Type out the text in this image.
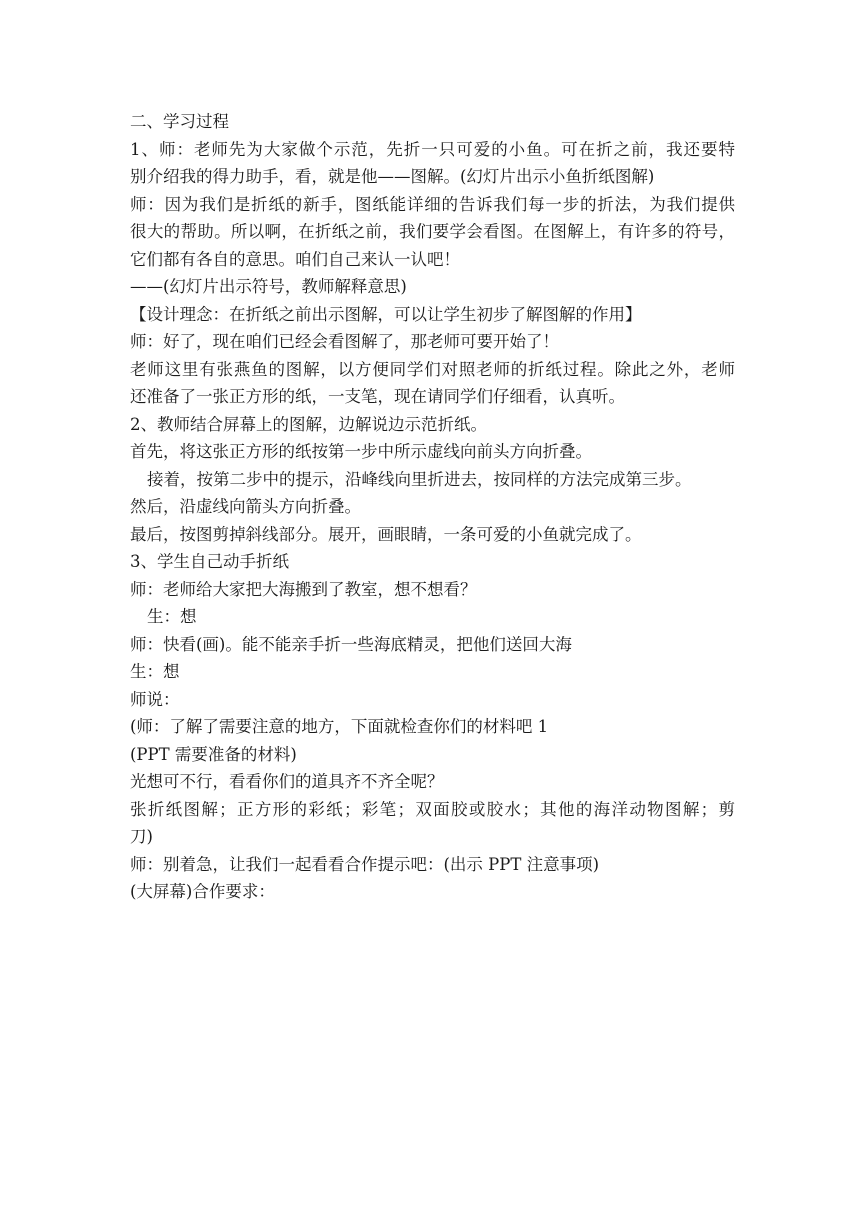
二、学习过程
1、师：老师先为大家做个示范，先折一只可爱的小鱼。可在折之前，我还要特
别介绍我的得力助手，看，就是他——图解。(幻灯片出示小鱼折纸图解)
师：因为我们是折纸的新手，图纸能详细的告诉我们每一步的折法，为我们提供
很大的帮助。所以啊，在折纸之前，我们要学会看图。在图解上，有许多的符号，
它们都有各自的意思。咱们自己来认一认吧！
——(幻灯片出示符号，教师解释意思)
【设计理念：在折纸之前出示图解，可以让学生初步了解图解的作用】
师：好了，现在咱们已经会看图解了，那老师可要开始了！
老师这里有张燕鱼的图解，以方便同学们对照老师的折纸过程。除此之外，老师
还准备了一张正方形的纸，一支笔，现在请同学们仔细看，认真听。
2、教师结合屏幕上的图解，边解说边示范折纸。
首先，将这张正方形的纸按第一步中所示虚线向前头方向折叠。
接着，按第二步中的提示，沿峰线向里折进去，按同样的方法完成第三步。
然后，沿虚线向箭头方向折叠。
最后，按图剪掉斜线部分。展开，画眼睛，一条可爱的小鱼就完成了。
3、学生自己动手折纸
师：老师给大家把大海搬到了教室，想不想看？
生：想
师：快看(画)。能不能亲手折一些海底精灵，把他们送回大海
生：想
师说：
(师：了解了需要注意的地方，下面就检查你们的材料吧 1
(PPT 需要准备的材料)
光想可不行，看看你们的道具齐不齐全呢？
张折纸图解；正方形的彩纸；彩笔；双面胶或胶水；其他的海洋动物图解；剪
刀)
师：别着急，让我们一起看看合作提示吧：(出示 PPT 注意事项)
(大屏幕)合作要求：
